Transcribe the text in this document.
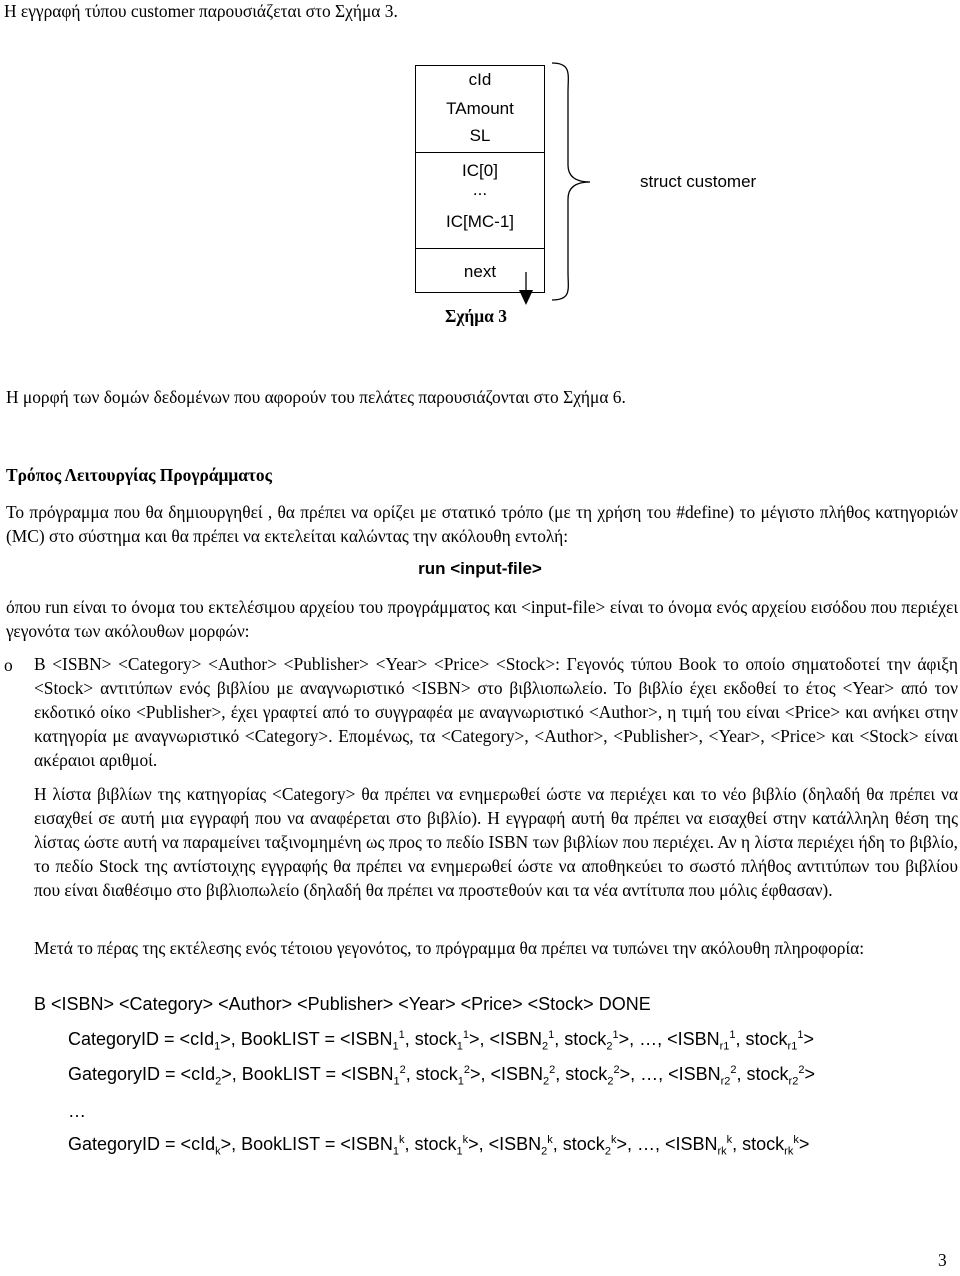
Η εγγραφή τύπου customer παρουσιάζεται στο Σχήμα 3.
cId
TAmount
SL
IC[0]
...
IC[MC-1]
next
struct customer
Σχήμα 3
Η μορφή των δομών δεδομένων που αφορούν του πελάτες παρουσιάζονται στο Σχήμα 6.
Τρόπος Λειτουργίας Προγράμματος
Το πρόγραμμα που θα δημιουργηθεί , θα πρέπει να ορίζει με στατικό τρόπο (με τη χρήση του #define) το μέγιστο πλήθος κατηγοριών (MC) στο σύστημα και θα πρέπει να εκτελείται καλώντας την ακόλουθη εντολή:
run <input-file>
όπου run είναι το όνομα του εκτελέσιμου αρχείου του προγράμματος και <input-file> είναι το όνομα ενός αρχείου εισόδου που περιέχει γεγονότα των ακόλουθων μορφών:
o B <ISBN> <Category> <Author> <Publisher> <Year> <Price> <Stock>: Γεγονός τύπου Book το οποίο σηματοδοτεί την άφιξη <Stock> αντιτύπων ενός βιβλίου με αναγνωριστικό <ISBN> στο βιβλιοπωλείο. Το βιβλίο έχει εκδοθεί το έτος <Year> από τον εκδοτικό οίκο <Publisher>, έχει γραφτεί από το συγγραφέα με αναγνωριστικό <Author>, η τιμή του είναι <Price> και ανήκει στην κατηγορία με αναγνωριστικό <Category>. Επομένως, τα <Category>, <Author>, <Publisher>, <Year>, <Price> και <Stock> είναι ακέραιοι αριθμοί.
Η λίστα βιβλίων της κατηγορίας <Category> θα πρέπει να ενημερωθεί ώστε να περιέχει και το νέο βιβλίο (δηλαδή θα πρέπει να εισαχθεί σε αυτή μια εγγραφή που να αναφέρεται στο βιβλίο). Η εγγραφή αυτή θα πρέπει να εισαχθεί στην κατάλληλη θέση της λίστας ώστε αυτή να παραμείνει ταξινομημένη ως προς το πεδίο ISBN των βιβλίων που περιέχει. Αν η λίστα περιέχει ήδη το βιβλίο, το πεδίο Stock της αντίστοιχης εγγραφής θα πρέπει να ενημερωθεί ώστε να αποθηκεύει το σωστό πλήθος αντιτύπων του βιβλίου που είναι διαθέσιμο στο βιβλιοπωλείο (δηλαδή θα πρέπει να προστεθούν και τα νέα αντίτυπα που μόλις έφθασαν).
Μετά το πέρας της εκτέλεσης ενός τέτοιου γεγονότος, το πρόγραμμα θα πρέπει να τυπώνει την ακόλουθη πληροφορία:
B <ISBN> <Category> <Author> <Publisher> <Year> <Price> <Stock> DONE
CategoryID = <cId$_1$>, BookLIST = $<ISBN_1^1$, stock$_1^1$>, $<ISBN_2^1$, stock$_2^1$>, …, $<ISBN_{r1}^1$, stock$_{r1}^1$>
GategoryID = <cId$_2$>, BookLIST = $<ISBN_1^2$, stock$_1^2$>, $<ISBN_2^2$, stock$_2^2$>, …, $<ISBN_{r2}^2$, stock$_{r2}^2$>
…
GategoryID = <cId$_k$>, BookLIST = $<ISBN_1^k$, stock$_1^k$>, $<ISBN_2^k$, stock$_2^k$>, …, $<ISBN_{rk}^k$, stock$_{rk}^k$>
3
